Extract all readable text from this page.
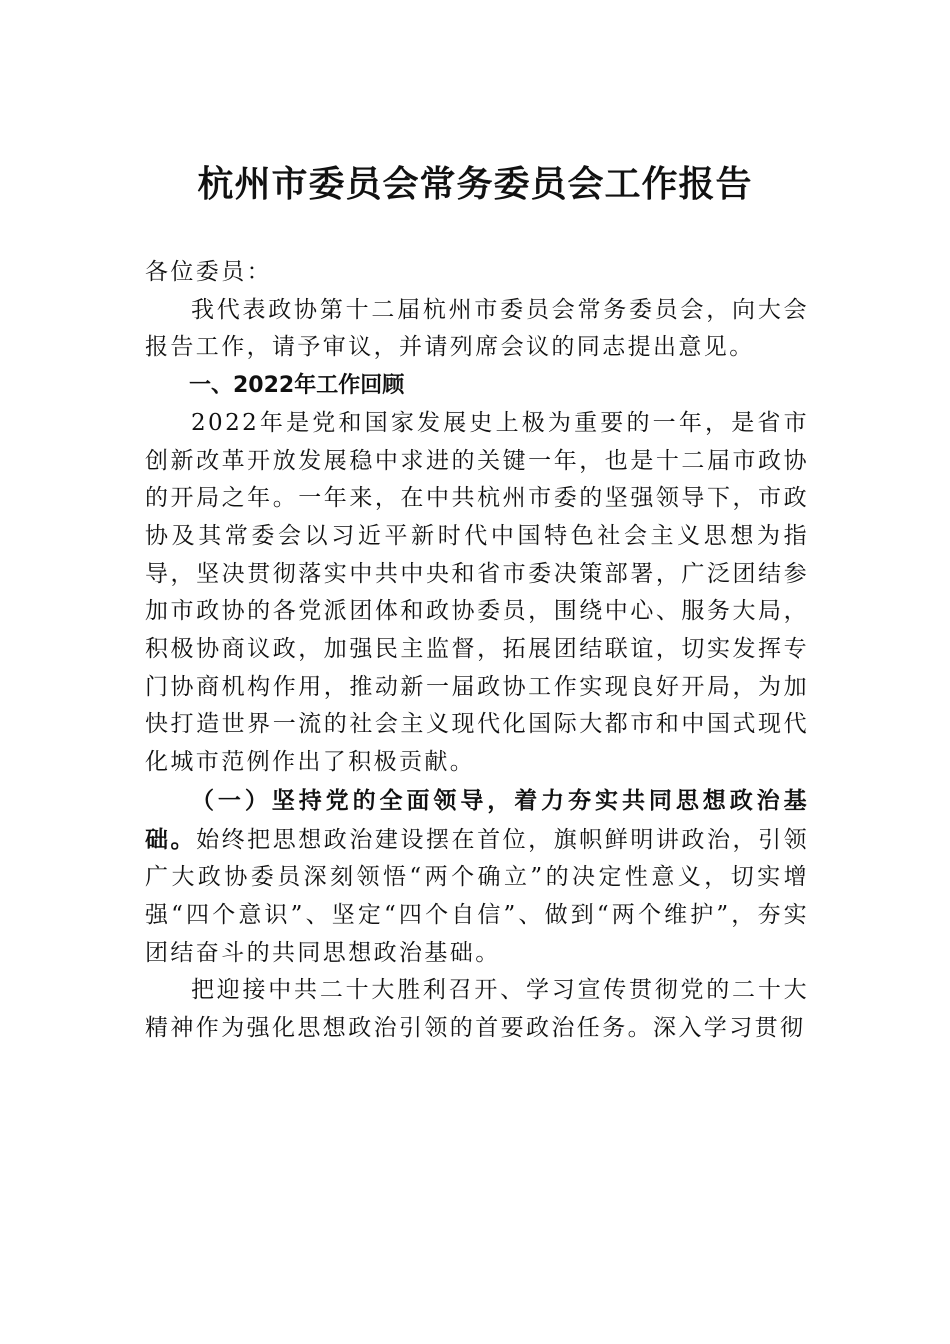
杭州市委员会常务委员会工作报告

各位委员：

我代表政协第十二届杭州市委员会常务委员会，向大会报告工作，请予审议，并请列席会议的同志提出意见。

一、2022年工作回顾

2022年是党和国家发展史上极为重要的一年，是省市创新改革开放发展稳中求进的关键一年，也是十二届市政协的开局之年。一年来，在中共杭州市委的坚强领导下，市政协及其常委会以习近平新时代中国特色社会主义思想为指导，坚决贯彻落实中共中央和省市委决策部署，广泛团结参加市政协的各党派团体和政协委员，围绕中心、服务大局，积极协商议政，加强民主监督，拓展团结联谊，切实发挥专门协商机构作用，推动新一届政协工作实现良好开局，为加快打造世界一流的社会主义现代化国际大都市和中国式现代化城市范例作出了积极贡献。

（一）坚持党的全面领导，着力夯实共同思想政治基础。始终把思想政治建设摆在首位，旗帜鲜明讲政治，引领广大政协委员深刻领悟“两个确立”的决定性意义，切实增强“四个意识”、坚定“四个自信”、做到“两个维护”，夯实团结奋斗的共同思想政治基础。

把迎接中共二十大胜利召开、学习宣传贯彻党的二十大精神作为强化思想政治引领的首要政治任务。深入学习贯彻
